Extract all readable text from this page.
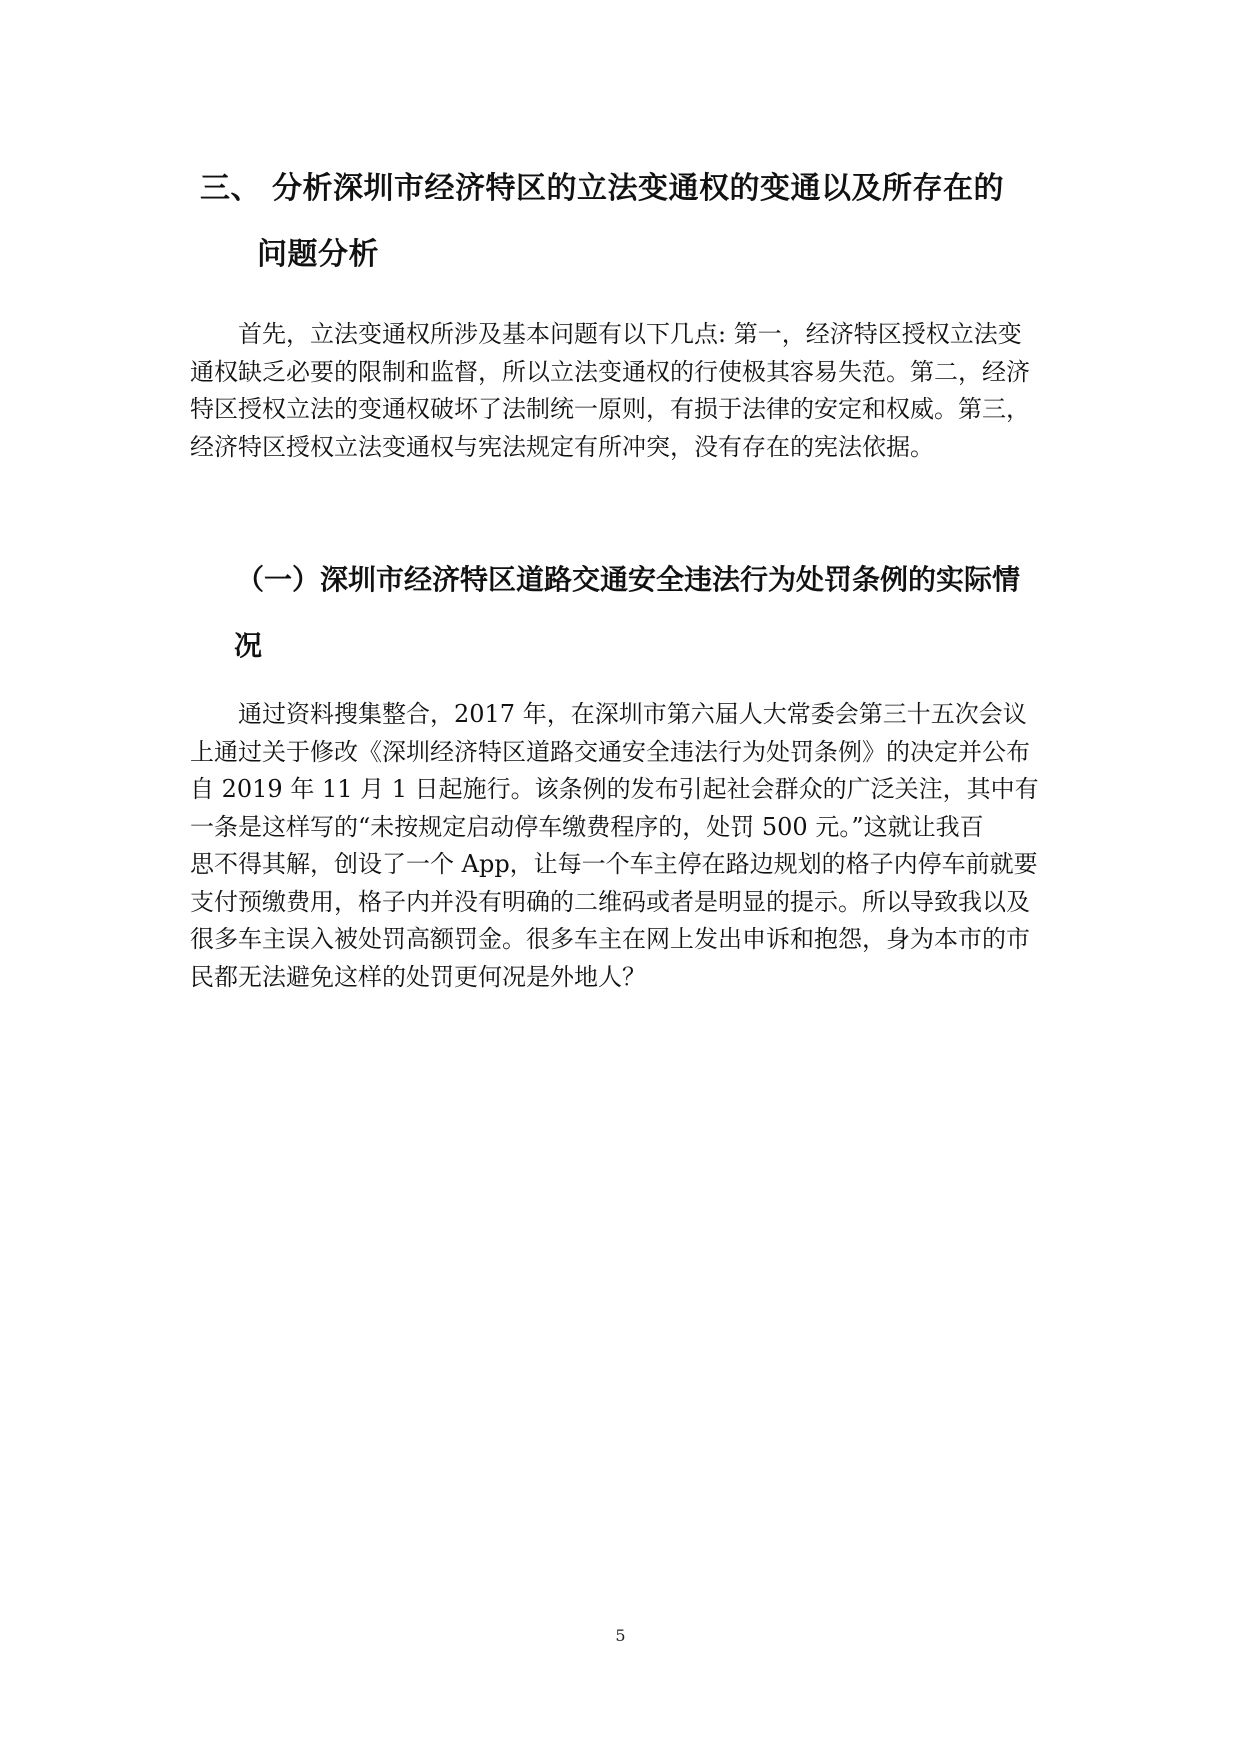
三、 分析深圳市经济特区的立法变通权的变通以及所存在的
问题分析

首先，立法变通权所涉及基本问题有以下几点: 第一，经济特区授权立法变
通权缺乏必要的限制和监督，所以立法变通权的行使极其容易失范。第二，经济
特区授权立法的变通权破坏了法制统一原则，有损于法律的安定和权威。第三，
经济特区授权立法变通权与宪法规定有所冲突，没有存在的宪法依据。

（一）深圳市经济特区道路交通安全违法行为处罚条例的实际情
况

通过资料搜集整合，2017 年，在深圳市第六届人大常委会第三十五次会议
上通过关于修改《深圳经济特区道路交通安全违法行为处罚条例》的决定并公布
自 2019 年 11 月 1 日起施行。该条例的发布引起社会群众的广泛关注，其中有
一条是这样写的“未按规定启动停车缴费程序的，处罚 500 元。”这就让我百
思不得其解，创设了一个 App，让每一个车主停在路边规划的格子内停车前就要
支付预缴费用，格子内并没有明确的二维码或者是明显的提示。所以导致我以及
很多车主误入被处罚高额罚金。很多车主在网上发出申诉和抱怨，身为本市的市
民都无法避免这样的处罚更何况是外地人？

5
